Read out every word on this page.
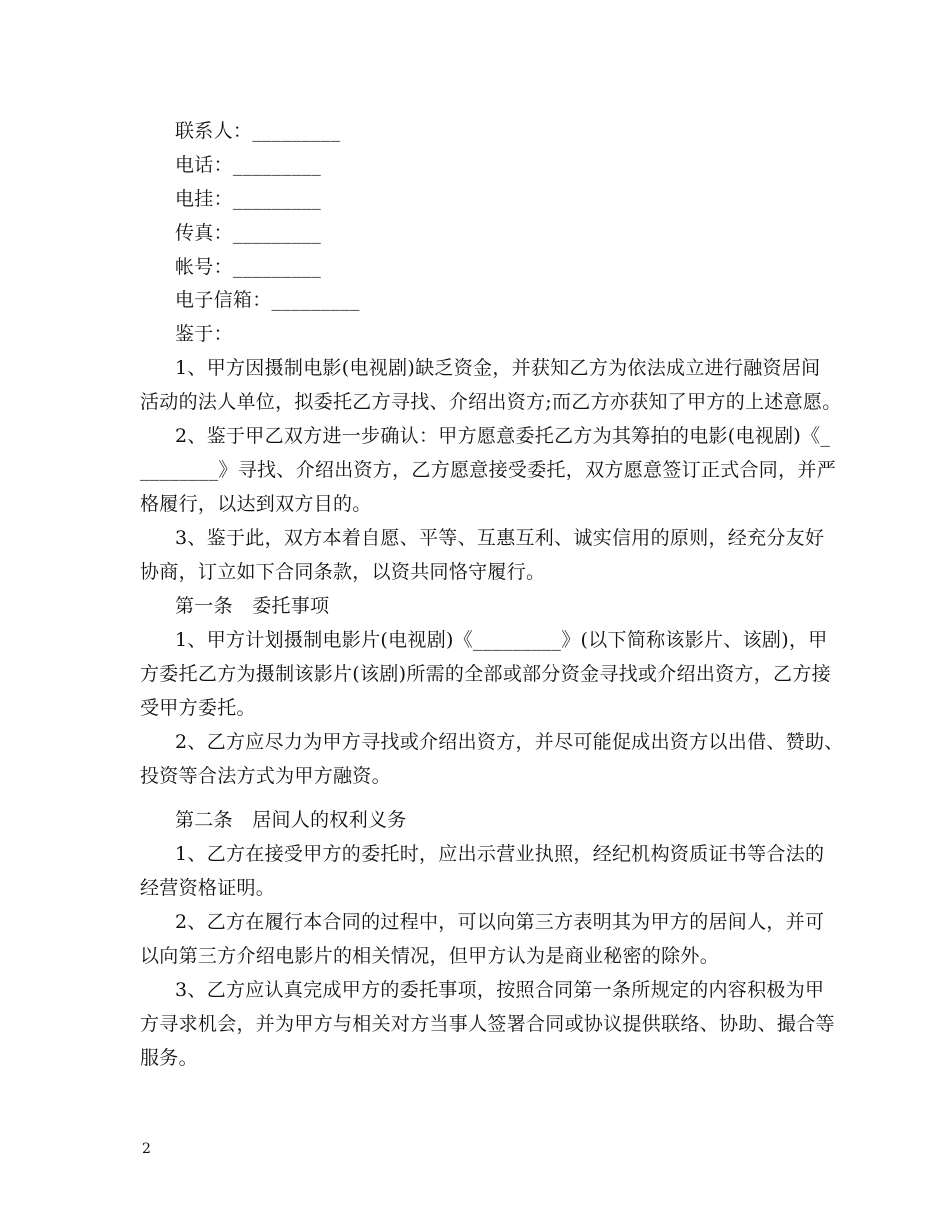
联系人：_________
电话：_________
电挂：_________
传真：_________
帐号：_________
电子信箱：_________
鉴于：
1、甲方因摄制电影(电视剧)缺乏资金，并获知乙方为依法成立进行融资居间
活动的法人单位，拟委托乙方寻找、介绍出资方;而乙方亦获知了甲方的上述意愿。
2、鉴于甲乙双方进一步确认：甲方愿意委托乙方为其筹拍的电影(电视剧)《_
________》寻找、介绍出资方，乙方愿意接受委托，双方愿意签订正式合同，并严
格履行，以达到双方目的。
3、鉴于此，双方本着自愿、平等、互惠互利、诚实信用的原则，经充分友好
协商，订立如下合同条款，以资共同恪守履行。
第一条　委托事项
1、甲方计划摄制电影片(电视剧)《_________》(以下简称该影片、该剧)，甲
方委托乙方为摄制该影片(该剧)所需的全部或部分资金寻找或介绍出资方，乙方接
受甲方委托。
2、乙方应尽力为甲方寻找或介绍出资方，并尽可能促成出资方以出借、赞助、
投资等合法方式为甲方融资。
第二条　居间人的权利义务
1、乙方在接受甲方的委托时，应出示营业执照，经纪机构资质证书等合法的
经营资格证明。
2、乙方在履行本合同的过程中，可以向第三方表明其为甲方的居间人，并可
以向第三方介绍电影片的相关情况，但甲方认为是商业秘密的除外。
3、乙方应认真完成甲方的委托事项，按照合同第一条所规定的内容积极为甲
方寻求机会，并为甲方与相关对方当事人签署合同或协议提供联络、协助、撮合等
服务。
2
